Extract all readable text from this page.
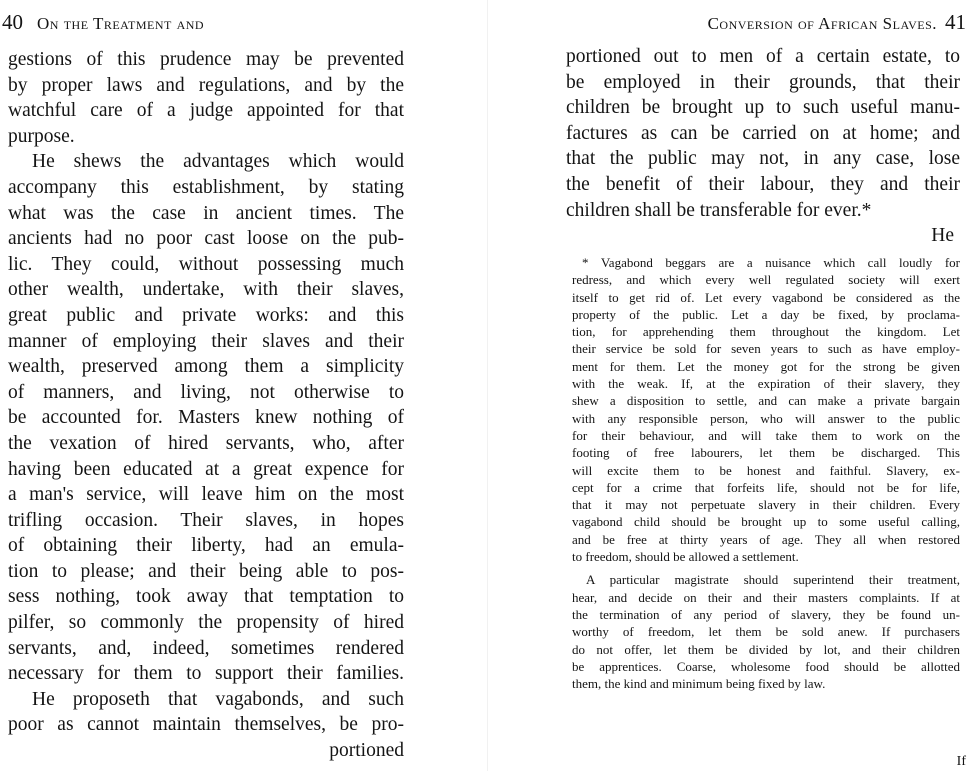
40 On the Treatment and
gestions of this prudence may be prevented
by proper laws and regulations, and by the
watchful care of a judge appointed for that
purpose.
He shews the advantages which would
accompany this establishment, by stating
what was the case in ancient times. The
ancients had no poor cast loose on the pub-
lic. They could, without possessing much
other wealth, undertake, with their slaves,
great public and private works: and this
manner of employing their slaves and their
wealth, preserved among them a simplicity
of manners, and living, not otherwise to
be accounted for. Masters knew nothing of
the vexation of hired servants, who, after
having been educated at a great expence for
a man's service, will leave him on the most
trifling occasion. Their slaves, in hopes
of obtaining their liberty, had an emula-
tion to please; and their being able to pos-
sess nothing, took away that temptation to
pilfer, so commonly the propensity of hired
servants, and, indeed, sometimes rendered
necessary for them to support their families.
He proposeth that vagabonds, and such
poor as cannot maintain themselves, be pro-
portioned
Conversion of African Slaves. 41
portioned out to men of a certain estate, to
be employed in their grounds, that their
children be brought up to such useful manu-
factures as can be carried on at home; and
that the public may not, in any case, lose
the benefit of their labour, they and their
children shall be transferable for ever.*
He
* Vagabond beggars are a nuisance which call loudly for
redress, and which every well regulated society will exert
itself to get rid of. Let every vagabond be considered as the
property of the public. Let a day be fixed, by proclama-
tion, for apprehending them throughout the kingdom. Let
their service be sold for seven years to such as have employ-
ment for them. Let the money got for the strong be given
with the weak. If, at the expiration of their slavery, they
shew a disposition to settle, and can make a private bargain
with any responsible person, who will answer to the public
for their behaviour, and will take them to work on the
footing of free labourers, let them be discharged. This
will excite them to be honest and faithful. Slavery, ex-
cept for a crime that forfeits life, should not be for life,
that it may not perpetuate slavery in their children. Every
vagabond child should be brought up to some useful calling,
and be free at thirty years of age. They all when restored
to freedom, should be allowed a settlement.
A particular magistrate should superintend their treatment,
hear, and decide on their and their masters complaints. If at
the termination of any period of slavery, they be found un-
worthy of freedom, let them be sold anew. If purchasers
do not offer, let them be divided by lot, and their children
be apprentices. Coarse, wholesome food should be allotted
them, the kind and minimum being fixed by law.
If
